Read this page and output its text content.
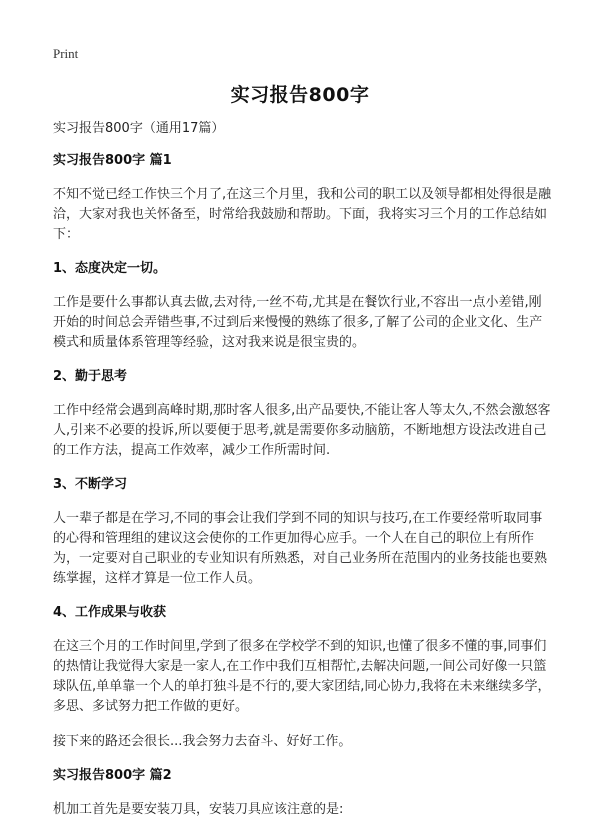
Print
实习报告800字
实习报告800字（通用17篇）
实习报告800字 篇1
不知不觉已经工作快三个月了,在这三个月里，我和公司的职工以及领导都相处得很是融洽，大家对我也关怀备至，时常给我鼓励和帮助。下面，我将实习三个月的工作总结如下：
1、态度决定一切。
工作是要什么事都认真去做,去对待,一丝不苟,尤其是在餐饮行业,不容出一点小差错,刚开始的时间总会弄错些事,不过到后来慢慢的熟练了很多,了解了公司的企业文化、生产模式和质量体系管理等经验，这对我来说是很宝贵的。
2、勤于思考
工作中经常会遇到高峰时期,那时客人很多,出产品要快,不能让客人等太久,不然会激怒客人,引来不必要的投诉,所以要便于思考,就是需要你多动脑筋，不断地想方设法改进自己的工作方法，提高工作效率，减少工作所需时间.
3、不断学习
人一辈子都是在学习,不同的事会让我们学到不同的知识与技巧,在工作要经常听取同事的心得和管理组的建议这会使你的工作更加得心应手。一个人在自己的职位上有所作为，一定要对自己职业的专业知识有所熟悉，对自己业务所在范围内的业务技能也要熟练掌握，这样才算是一位工作人员。
4、工作成果与收获
在这三个月的工作时间里,学到了很多在学校学不到的知识,也懂了很多不懂的事,同事们的热情让我觉得大家是一家人,在工作中我们互相帮忙,去解决问题,一间公司好像一只篮球队伍,单单靠一个人的单打独斗是不行的,要大家团结,同心协力,我将在未来继续多学，多思、多试努力把工作做的更好。
接下来的路还会很长...我会努力去奋斗、好好工作。
实习报告800字 篇2
机加工首先是要安装刀具，安装刀具应该注意的是:
